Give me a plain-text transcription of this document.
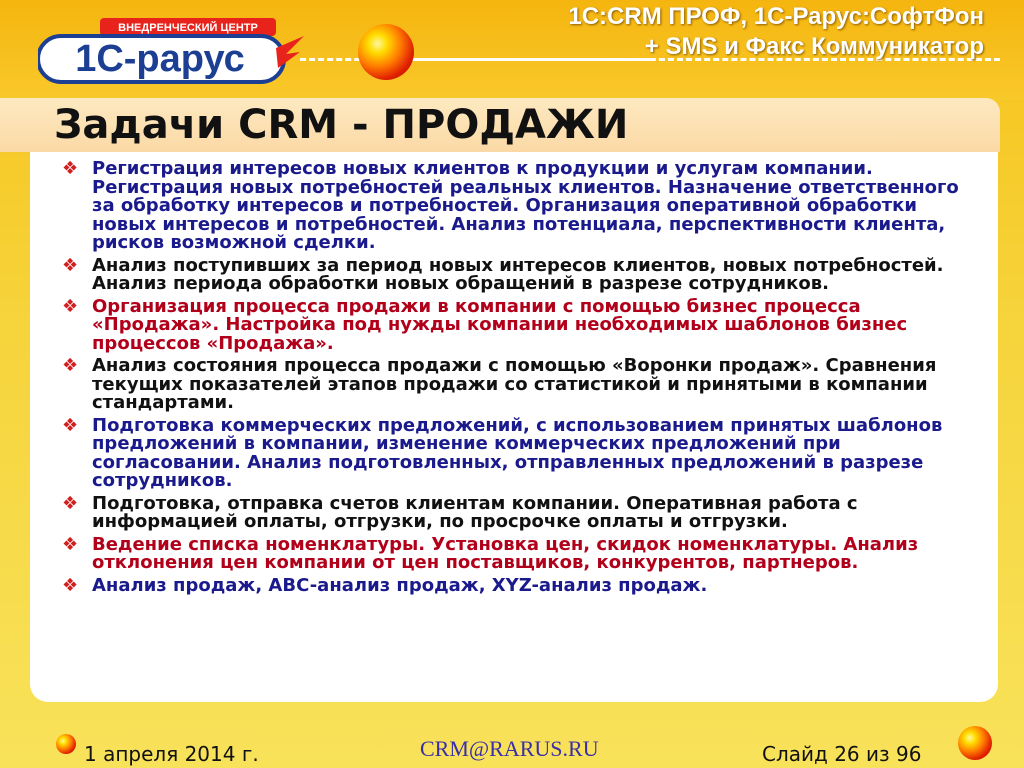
ВНЕДРЕНЧЕСКИЙ ЦЕНТР
1С-рарус
1С:CRM ПРОФ, 1С-Рарус:СофтФон
+ SMS и Факс Коммуникатор
Задачи CRM - ПРОДАЖИ
❖ Регистрация интересов новых клиентов к продукции и услугам компании. Регистрация новых потребностей реальных клиентов. Назначение ответственного за обработку интересов и потребностей. Организация оперативной обработки новых интересов и потребностей. Анализ потенциала, перспективности клиента, рисков возможной сделки.
❖ Анализ поступивших за период новых интересов клиентов, новых потребностей. Анализ периода обработки новых обращений в разрезе сотрудников.
❖ Организация процесса продажи в компании с помощью бизнес процесса «Продажа». Настройка под нужды компании необходимых шаблонов бизнес процессов «Продажа».
❖ Анализ состояния процесса продажи с помощью «Воронки продаж». Сравнения текущих показателей этапов продажи со статистикой и принятыми в компании стандартами.
❖ Подготовка коммерческих предложений, с использованием принятых шаблонов предложений в компании, изменение коммерческих предложений при согласовании. Анализ подготовленных, отправленных предложений в разрезе сотрудников.
❖ Подготовка, отправка счетов клиентам компании. Оперативная работа с информацией оплаты, отгрузки, по просрочке оплаты и отгрузки.
❖ Ведение списка номенклатуры. Установка цен, скидок номенклатуры. Анализ отклонения цен компании от цен поставщиков, конкурентов, партнеров.
❖ Анализ продаж, ABC-анализ продаж, XYZ-анализ продаж.
1 апреля 2014 г.	CRM@RARUS.RU	Слайд 26 из 96
